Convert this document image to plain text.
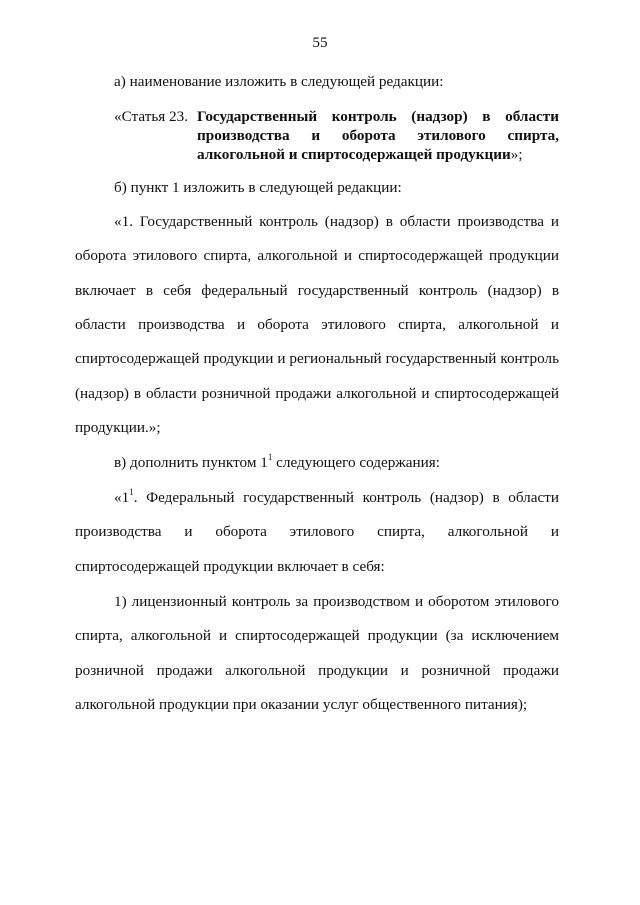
55
а) наименование изложить в следующей редакции:
«Статья 23. Государственный контроль (надзор) в области
производства и оборота этилового спирта,
алкогольной и спиртосодержащей продукции»;
б) пункт 1 изложить в следующей редакции:
«1. Государственный контроль (надзор) в области производства и
оборота этилового спирта, алкогольной и спиртосодержащей продукции
включает в себя федеральный государственный контроль (надзор) в
области производства и оборота этилового спирта, алкогольной и
спиртосодержащей продукции и региональный государственный контроль
(надзор) в области розничной продажи алкогольной и спиртосодержащей
продукции.»;
в) дополнить пунктом $1^1$ следующего содержания:
«$1^1$. Федеральный государственный контроль (надзор) в области
производства и оборота этилового спирта, алкогольной и
спиртосодержащей продукции включает в себя:
1) лицензионный контроль за производством и оборотом этилового
спирта, алкогольной и спиртосодержащей продукции (за исключением
розничной продажи алкогольной продукции и розничной продажи
алкогольной продукции при оказании услуг общественного питания);
